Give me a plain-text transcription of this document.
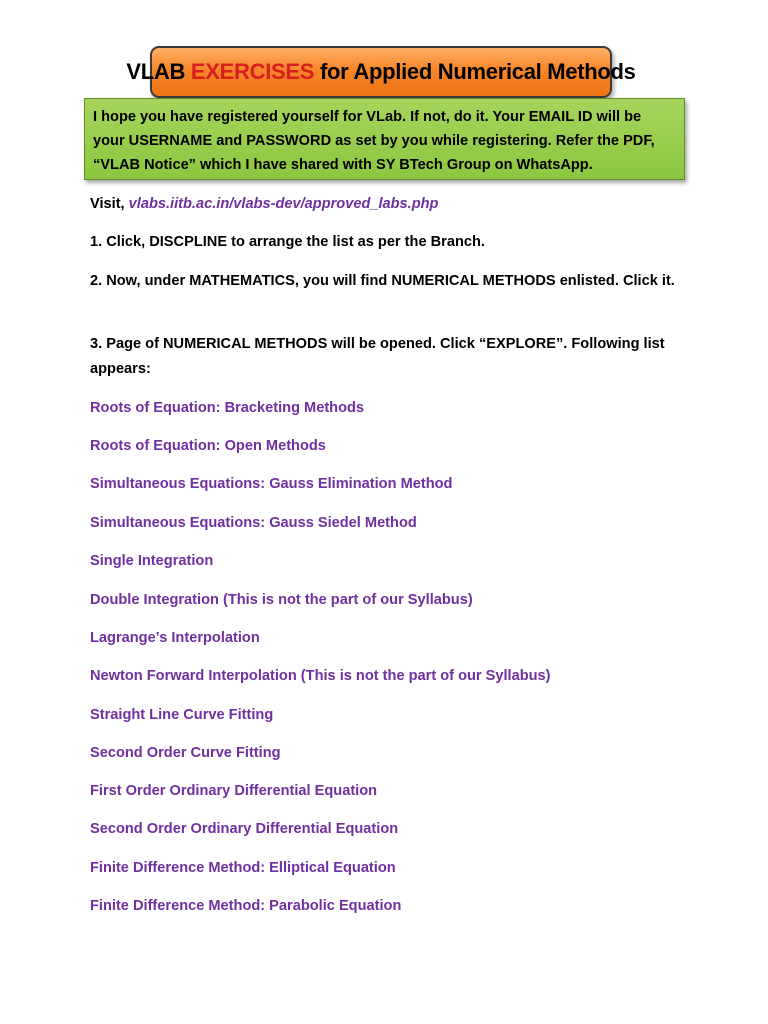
VLAB EXERCISES for Applied Numerical Methods

I hope you have registered yourself for VLab. If not, do it. Your EMAIL ID will be your USERNAME and PASSWORD as set by you while registering. Refer the PDF, “VLAB Notice” which I have shared with SY BTech Group on WhatsApp.

Visit, vlabs.iitb.ac.in/vlabs-dev/approved_labs.php

1. Click, DISCPLINE to arrange the list as per the Branch.

2. Now, under MATHEMATICS, you will find NUMERICAL METHODS enlisted. Click it.

3. Page of NUMERICAL METHODS will be opened. Click “EXPLORE”. Following list appears:

Roots of Equation: Bracketing Methods
Roots of Equation: Open Methods
Simultaneous Equations: Gauss Elimination Method
Simultaneous Equations: Gauss Siedel Method
Single Integration
Double Integration (This is not the part of our Syllabus)
Lagrange’s Interpolation
Newton Forward Interpolation (This is not the part of our Syllabus)
Straight Line Curve Fitting
Second Order Curve Fitting
First Order Ordinary Differential Equation
Second Order Ordinary Differential Equation
Finite Difference Method: Elliptical Equation
Finite Difference Method: Parabolic Equation
